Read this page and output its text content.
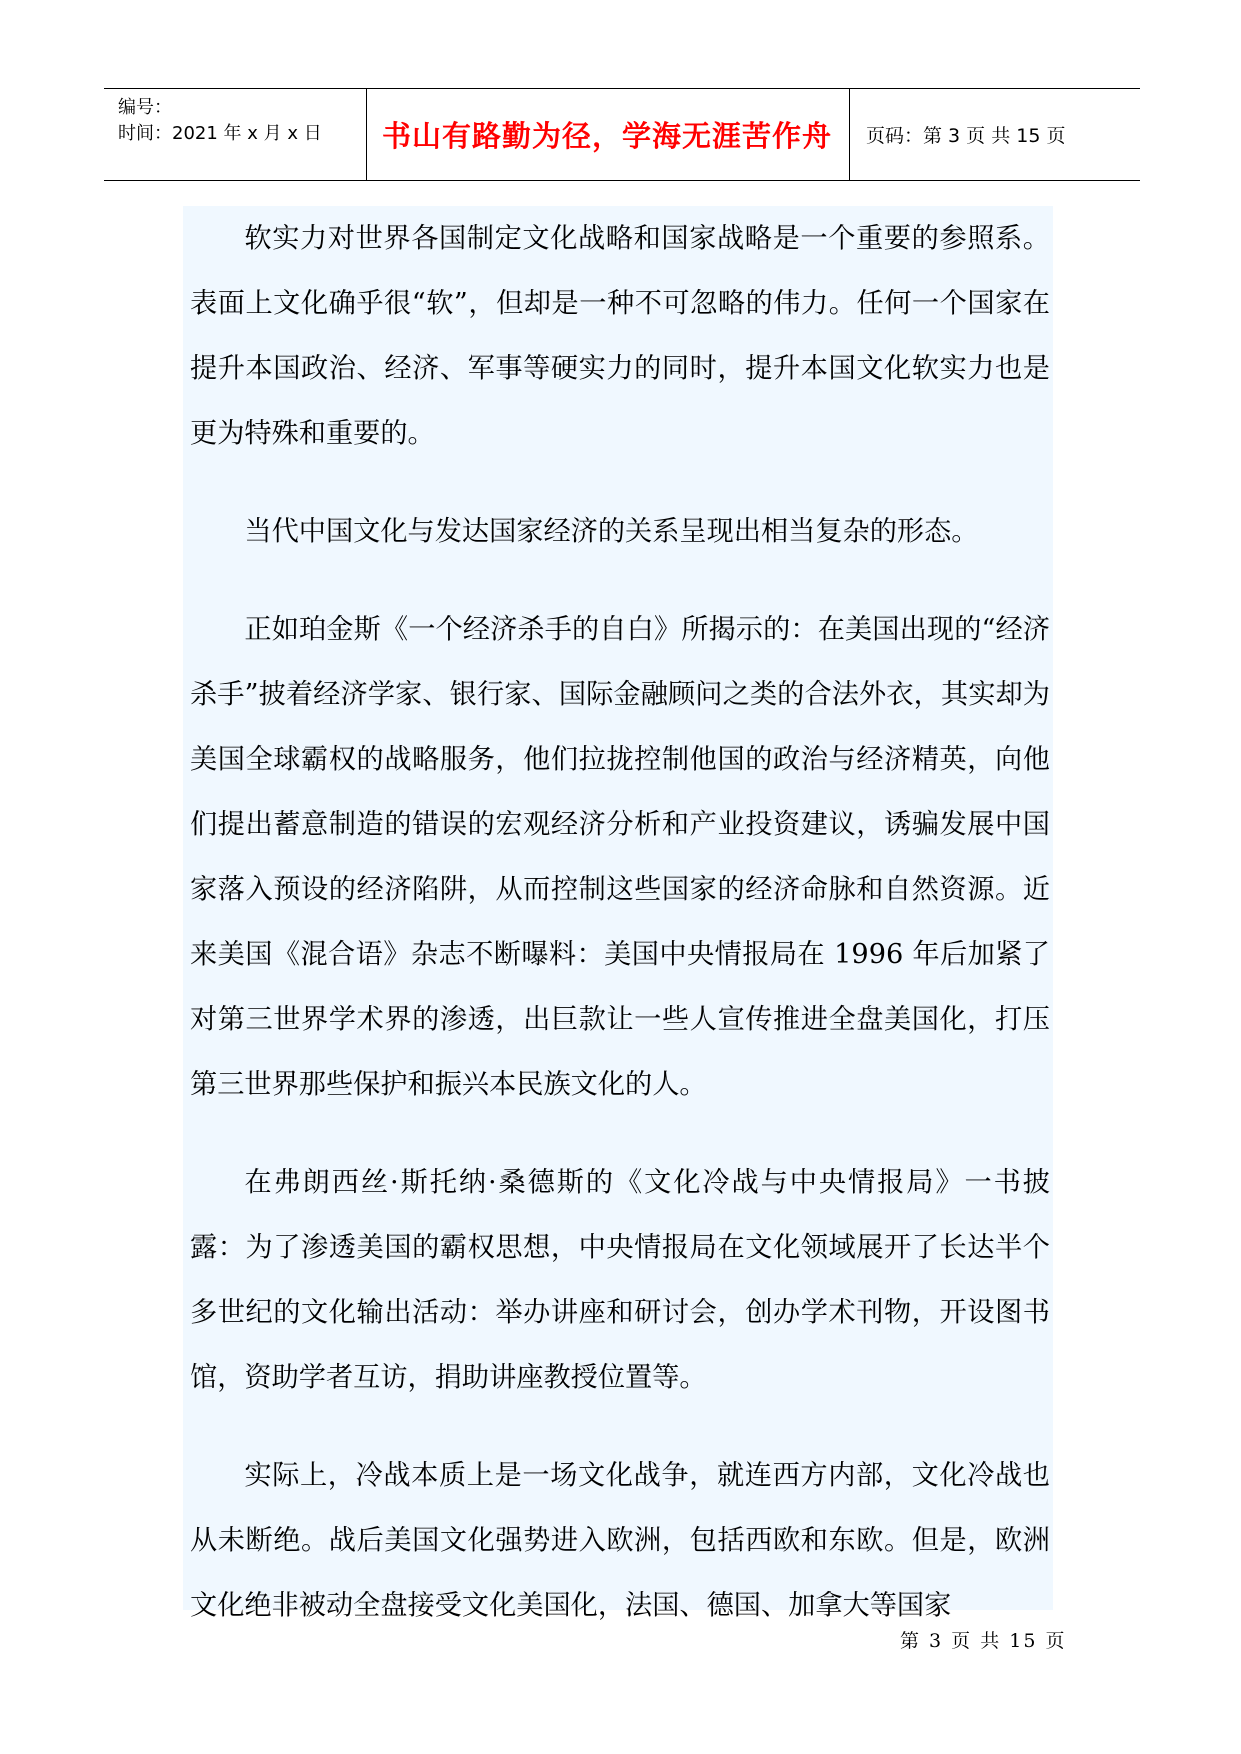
编号：
时间：2021 年 x 月 x 日	书山有路勤为径，学海无涯苦作舟	页码：第 3 页 共 15 页

软实力对世界各国制定文化战略和国家战略是一个重要的参照系。表面上文化确乎很“软”，但却是一种不可忽略的伟力。任何一个国家在提升本国政治、经济、军事等硬实力的同时，提升本国文化软实力也是更为特殊和重要的。

当代中国文化与发达国家经济的关系呈现出相当复杂的形态。

正如珀金斯《一个经济杀手的自白》所揭示的：在美国出现的“经济杀手”披着经济学家、银行家、国际金融顾问之类的合法外衣，其实却为美国全球霸权的战略服务，他们拉拢控制他国的政治与经济精英，向他们提出蓄意制造的错误的宏观经济分析和产业投资建议，诱骗发展中国家落入预设的经济陷阱，从而控制这些国家的经济命脉和自然资源。近来美国《混合语》杂志不断曝料：美国中央情报局在 1996 年后加紧了对第三世界学术界的渗透，出巨款让一些人宣传推进全盘美国化，打压第三世界那些保护和振兴本民族文化的人。

在弗朗西丝·斯托纳·桑德斯的《文化冷战与中央情报局》一书披露：为了渗透美国的霸权思想，中央情报局在文化领域展开了长达半个多世纪的文化输出活动：举办讲座和研讨会，创办学术刊物，开设图书馆，资助学者互访，捐助讲座教授位置等。

实际上，冷战本质上是一场文化战争，就连西方内部，文化冷战也从未断绝。战后美国文化强势进入欧洲，包括西欧和东欧。但是，欧洲文化绝非被动全盘接受文化美国化，法国、德国、加拿大等国家

第 3 页 共 15 页
